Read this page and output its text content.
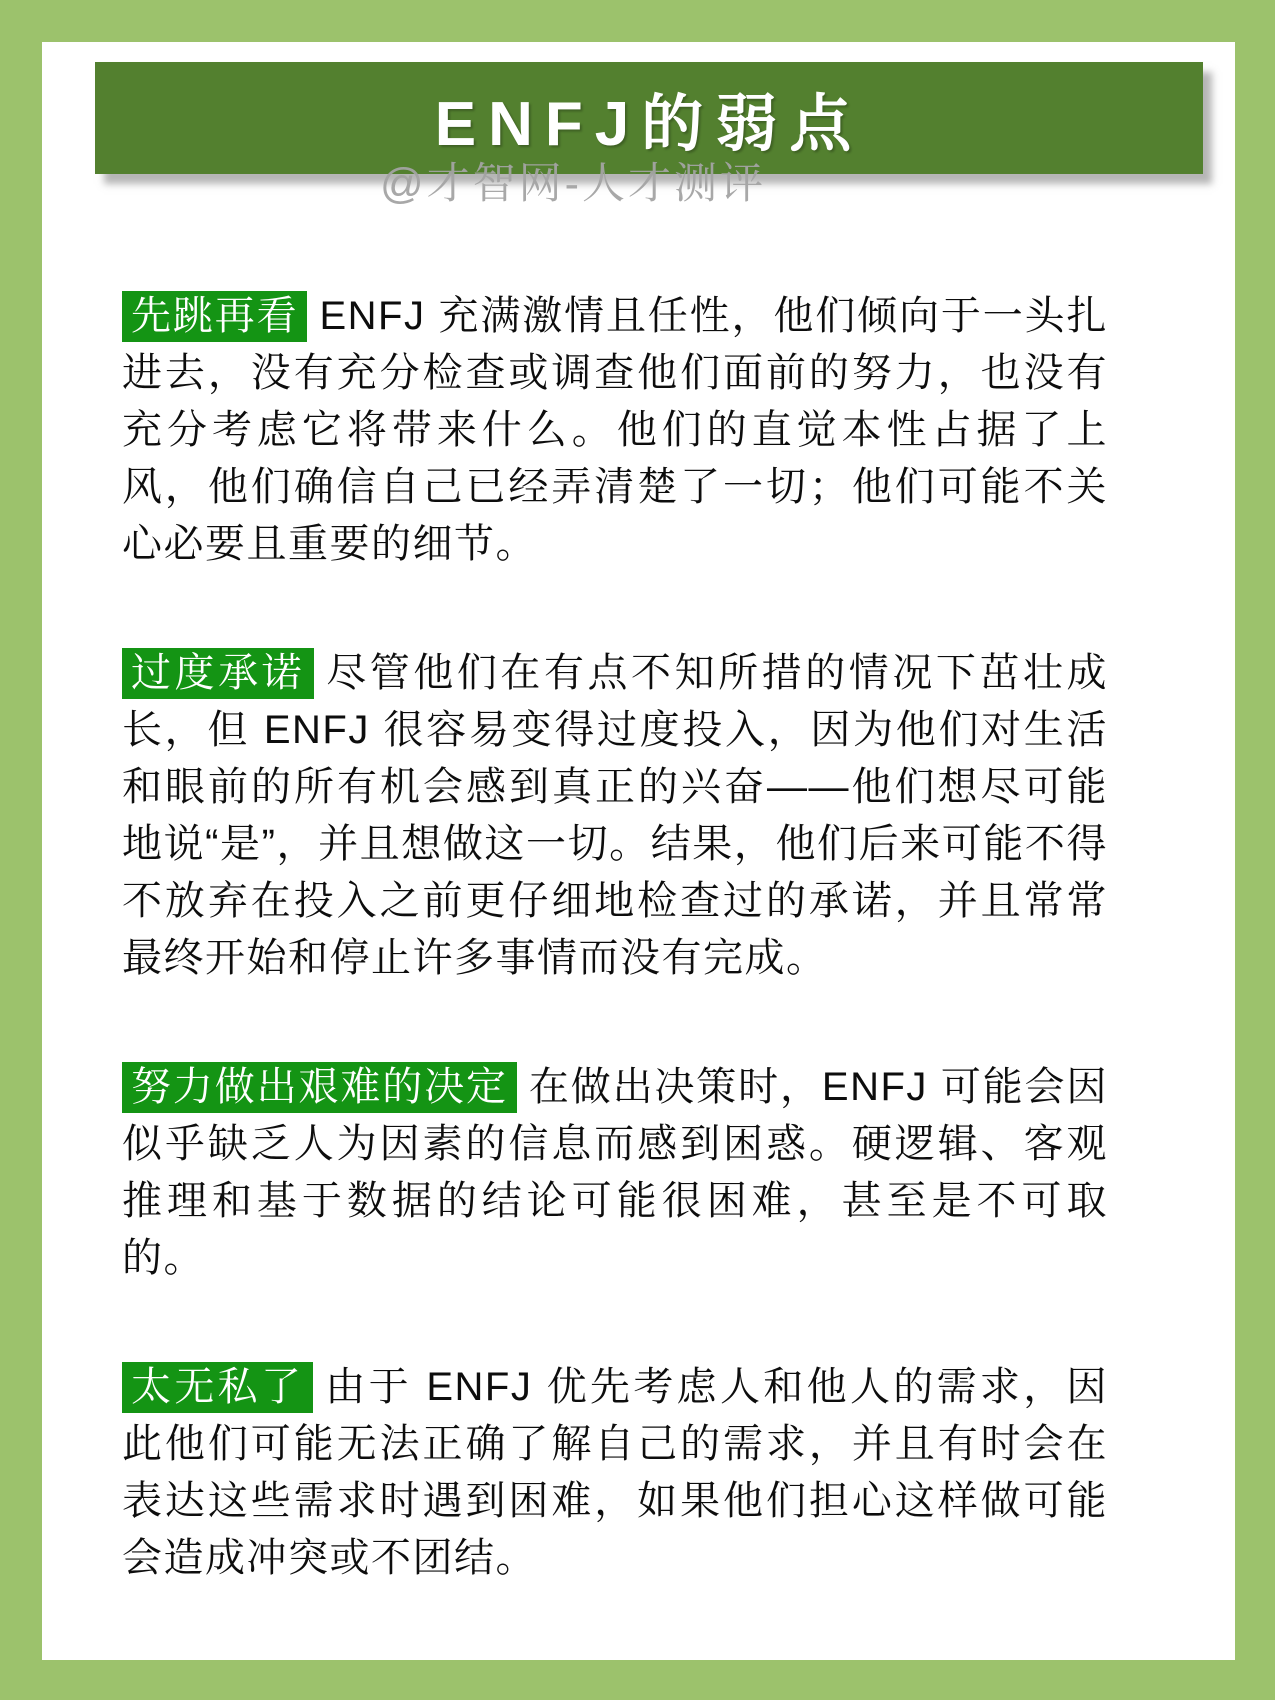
ENFJ的弱点
@才智网-人才测评

先跳再看 ENFJ 充满激情且任性，他们倾向于一头扎进去，没有充分检查或调查他们面前的努力，也没有充分考虑它将带来什么。他们的直觉本性占据了上风，他们确信自己已经弄清楚了一切；他们可能不关心必要且重要的细节。

过度承诺 尽管他们在有点不知所措的情况下茁壮成长，但 ENFJ 很容易变得过度投入，因为他们对生活和眼前的所有机会感到真正的兴奋——他们想尽可能地说“是”，并且想做这一切。结果，他们后来可能不得不放弃在投入之前更仔细地检查过的承诺，并且常常最终开始和停止许多事情而没有完成。

努力做出艰难的决定 在做出决策时，ENFJ 可能会因似乎缺乏人为因素的信息而感到困惑。硬逻辑、客观推理和基于数据的结论可能很困难，甚至是不可取的。

太无私了 由于 ENFJ 优先考虑人和他人的需求，因此他们可能无法正确了解自己的需求，并且有时会在表达这些需求时遇到困难，如果他们担心这样做可能会造成冲突或不团结。
